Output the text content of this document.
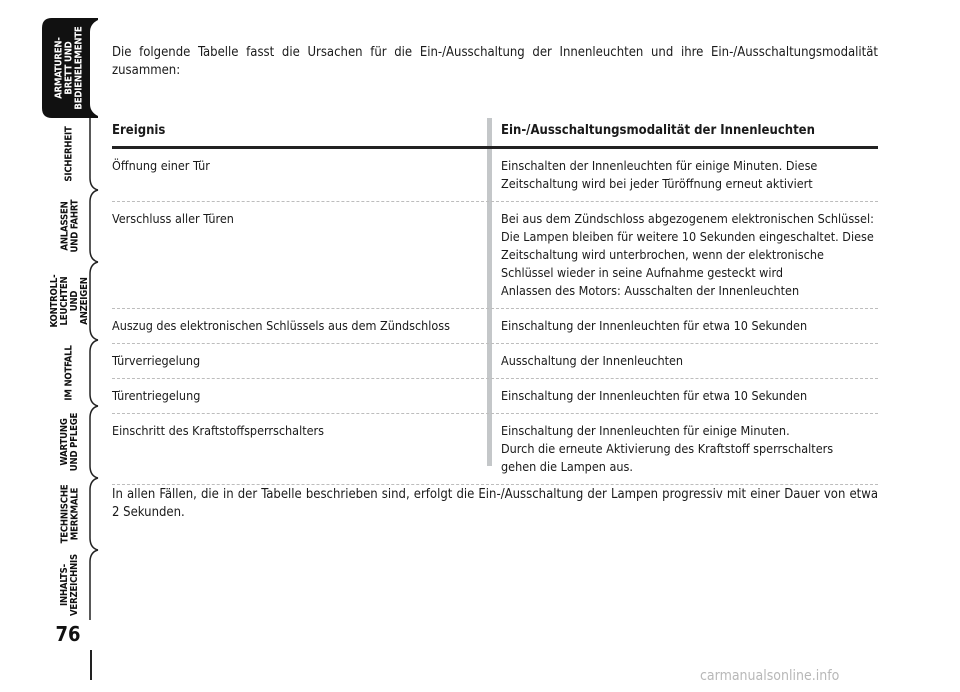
ARMATUREN-
BRETT UND
BEDIENELEMENTE
SICHERHEIT
ANLASSEN
UND FAHRT
KONTROLL-
LEUCHTEN
UND ANZEIGEN
IM NOTFALL
WARTUNG
UND PFLEGE
TECHNISCHE
MERKMALE
INHALTS-
VERZEICHNIS
76
Die folgende Tabelle fasst die Ursachen für die Ein-/Ausschaltung der Innenleuchten und ihre Ein-/Ausschaltungsmodalität zusammen:
Ereignis	Ein-/Ausschaltungsmodalität der Innenleuchten
Öffnung einer Tür	Einschalten der Innenleuchten für einige Minuten. Diese Zeitschaltung wird bei jeder Türöffnung erneut aktiviert
Verschluss aller Türen	Bei aus dem Zündschloss abgezogenem elektronischen Schlüssel: Die Lampen bleiben für weitere 10 Sekunden eingeschaltet. Diese Zeitschaltung wird unterbrochen, wenn der elektronische Schlüssel wieder in seine Aufnahme gesteckt wird
Anlassen des Motors: Ausschalten der Innenleuchten
Auszug des elektronischen Schlüssels aus dem Zündschloss	Einschaltung der Innenleuchten für etwa 10 Sekunden
Türverriegelung	Ausschaltung der Innenleuchten
Türentriegelung	Einschaltung der Innenleuchten für etwa 10 Sekunden
Einschritt des Kraftstoffsperrschalters	Einschaltung der Innenleuchten für einige Minuten.
Durch die erneute Aktivierung des Kraftstoff sperrschalters
gehen die Lampen aus.
In allen Fällen, die in der Tabelle beschrieben sind, erfolgt die Ein-/Ausschaltung der Lampen progressiv mit einer Dauer von etwa 2 Sekunden.
carmanualsonline.info
